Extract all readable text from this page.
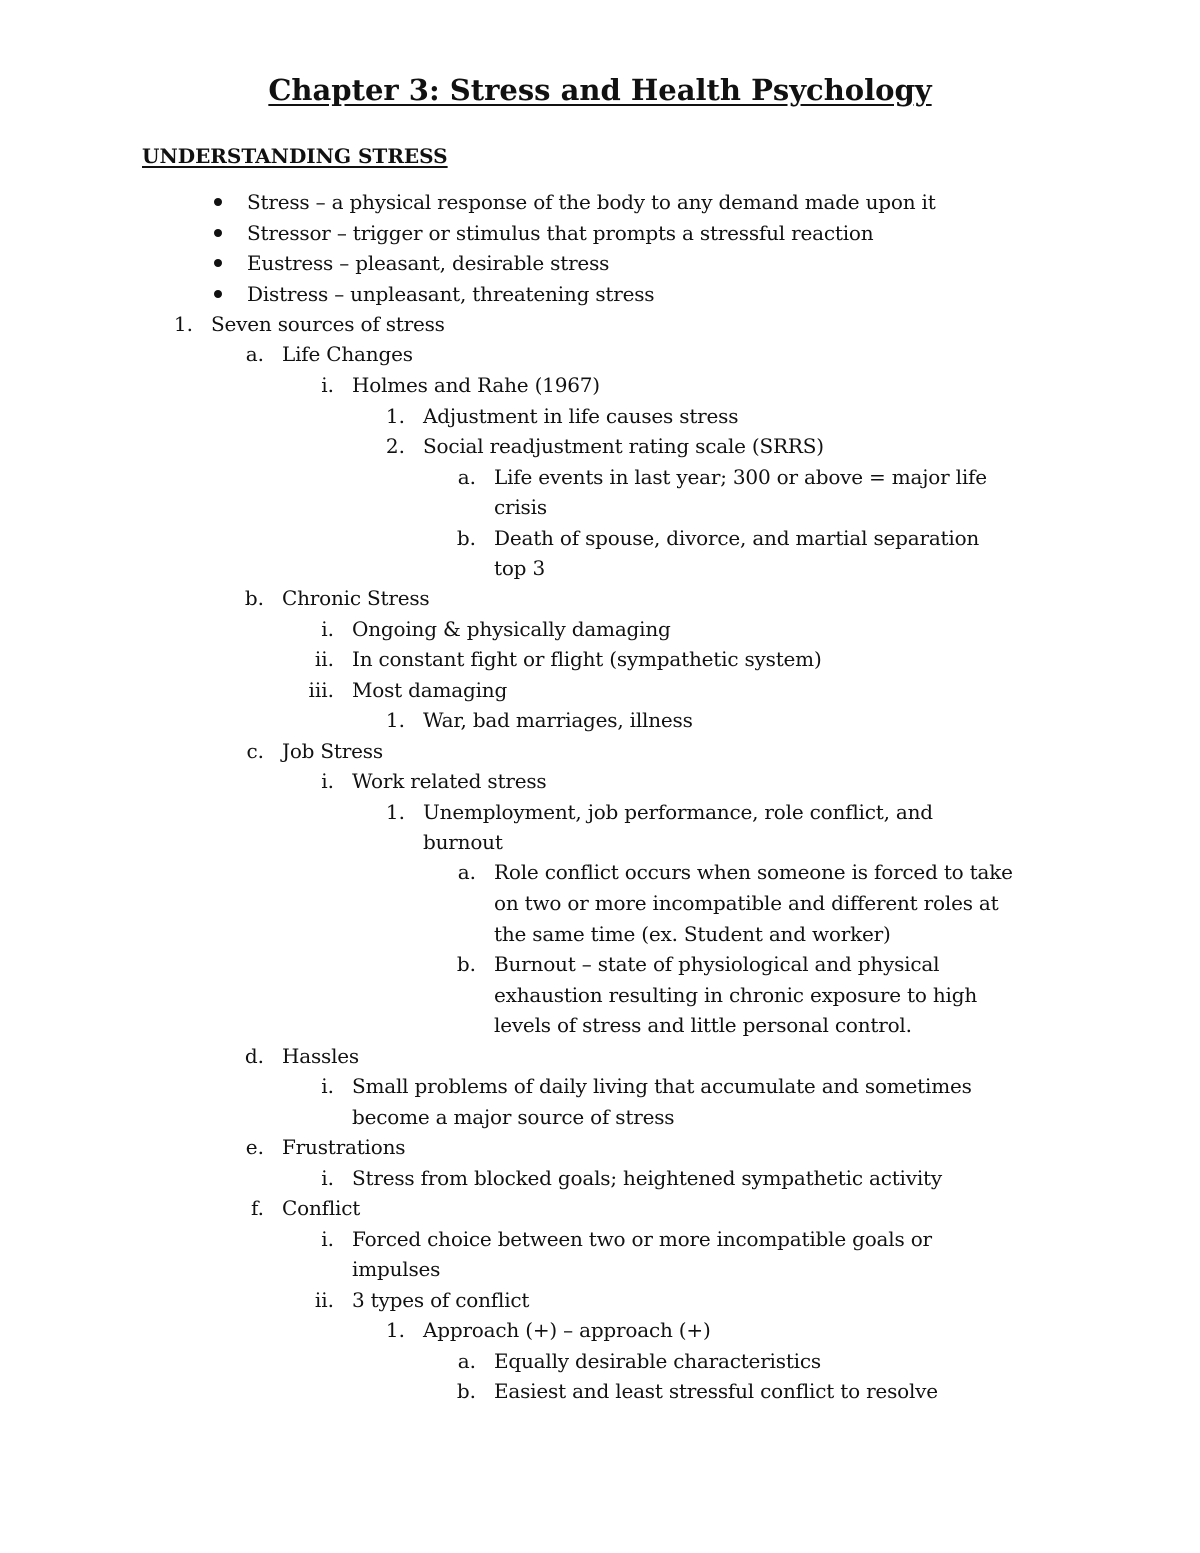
Chapter 3: Stress and Health Psychology
UNDERSTANDING STRESS
Stress – a physical response of the body to any demand made upon it
Stressor – trigger or stimulus that prompts a stressful reaction
Eustress – pleasant, desirable stress
Distress – unpleasant, threatening stress
1. Seven sources of stress
a. Life Changes
i. Holmes and Rahe (1967)
1. Adjustment in life causes stress
2. Social readjustment rating scale (SRRS)
a. Life events in last year; 300 or above = major life
crisis
b. Death of spouse, divorce, and martial separation
top 3
b. Chronic Stress
i. Ongoing & physically damaging
ii. In constant fight or flight (sympathetic system)
iii. Most damaging
1. War, bad marriages, illness
c. Job Stress
i. Work related stress
1. Unemployment, job performance, role conflict, and
burnout
a. Role conflict occurs when someone is forced to take
on two or more incompatible and different roles at
the same time (ex. Student and worker)
b. Burnout – state of physiological and physical
exhaustion resulting in chronic exposure to high
levels of stress and little personal control.
d. Hassles
i. Small problems of daily living that accumulate and sometimes
become a major source of stress
e. Frustrations
i. Stress from blocked goals; heightened sympathetic activity
f. Conflict
i. Forced choice between two or more incompatible goals or
impulses
ii. 3 types of conflict
1. Approach (+) – approach (+)
a. Equally desirable characteristics
b. Easiest and least stressful conflict to resolve
